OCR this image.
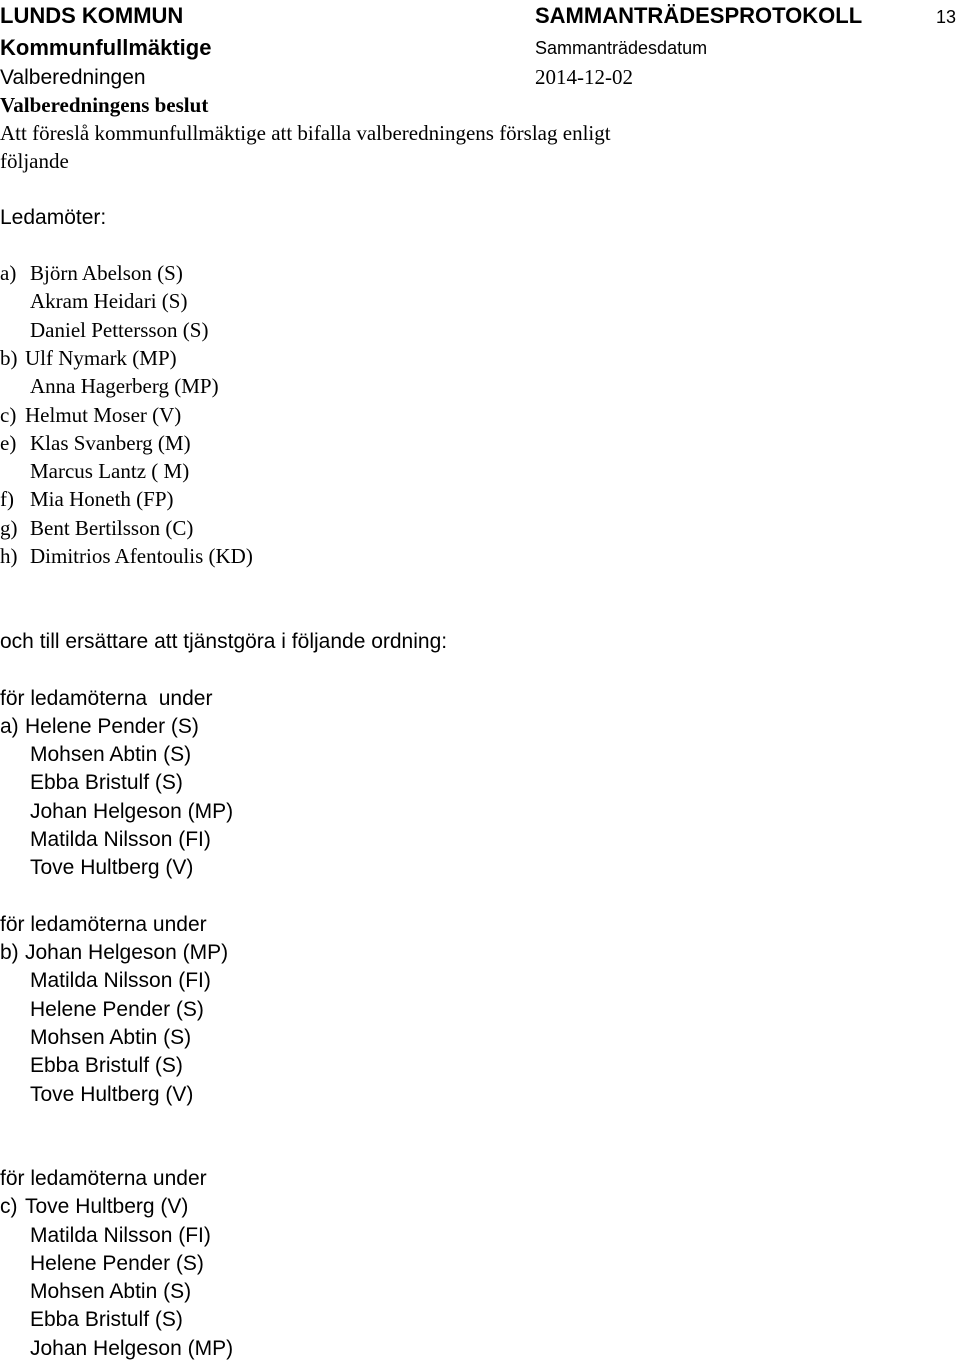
LUNDS KOMMUN	SAMMANTRÄDESPROTOKOLL	13
Kommunfullmäktige	Sammanträdesdatum
Valberedningen	2014-12-02
Valberedningens beslut
Att föreslå kommunfullmäktige att bifalla valberedningens förslag enligt
följande
Ledamöter:
a) Björn Abelson (S)
Akram Heidari (S)
Daniel Pettersson (S)
b) Ulf Nymark (MP)
Anna Hagerberg (MP)
c) Helmut Moser (V)
e) Klas Svanberg (M)
Marcus Lantz ( M)
f) Mia Honeth (FP)
g) Bent Bertilsson (C)
h) Dimitrios Afentoulis (KD)
och till ersättare att tjänstgöra i följande ordning:
för ledamöterna  under
a) Helene Pender (S)
Mohsen Abtin (S)
Ebba Bristulf (S)
Johan Helgeson (MP)
Matilda Nilsson (FI)
Tove Hultberg (V)
för ledamöterna under
b) Johan Helgeson (MP)
Matilda Nilsson (FI)
Helene Pender (S)
Mohsen Abtin (S)
Ebba Bristulf (S)
Tove Hultberg (V)
för ledamöterna under
c) Tove Hultberg (V)
Matilda Nilsson (FI)
Helene Pender (S)
Mohsen Abtin (S)
Ebba Bristulf (S)
Johan Helgeson (MP)
